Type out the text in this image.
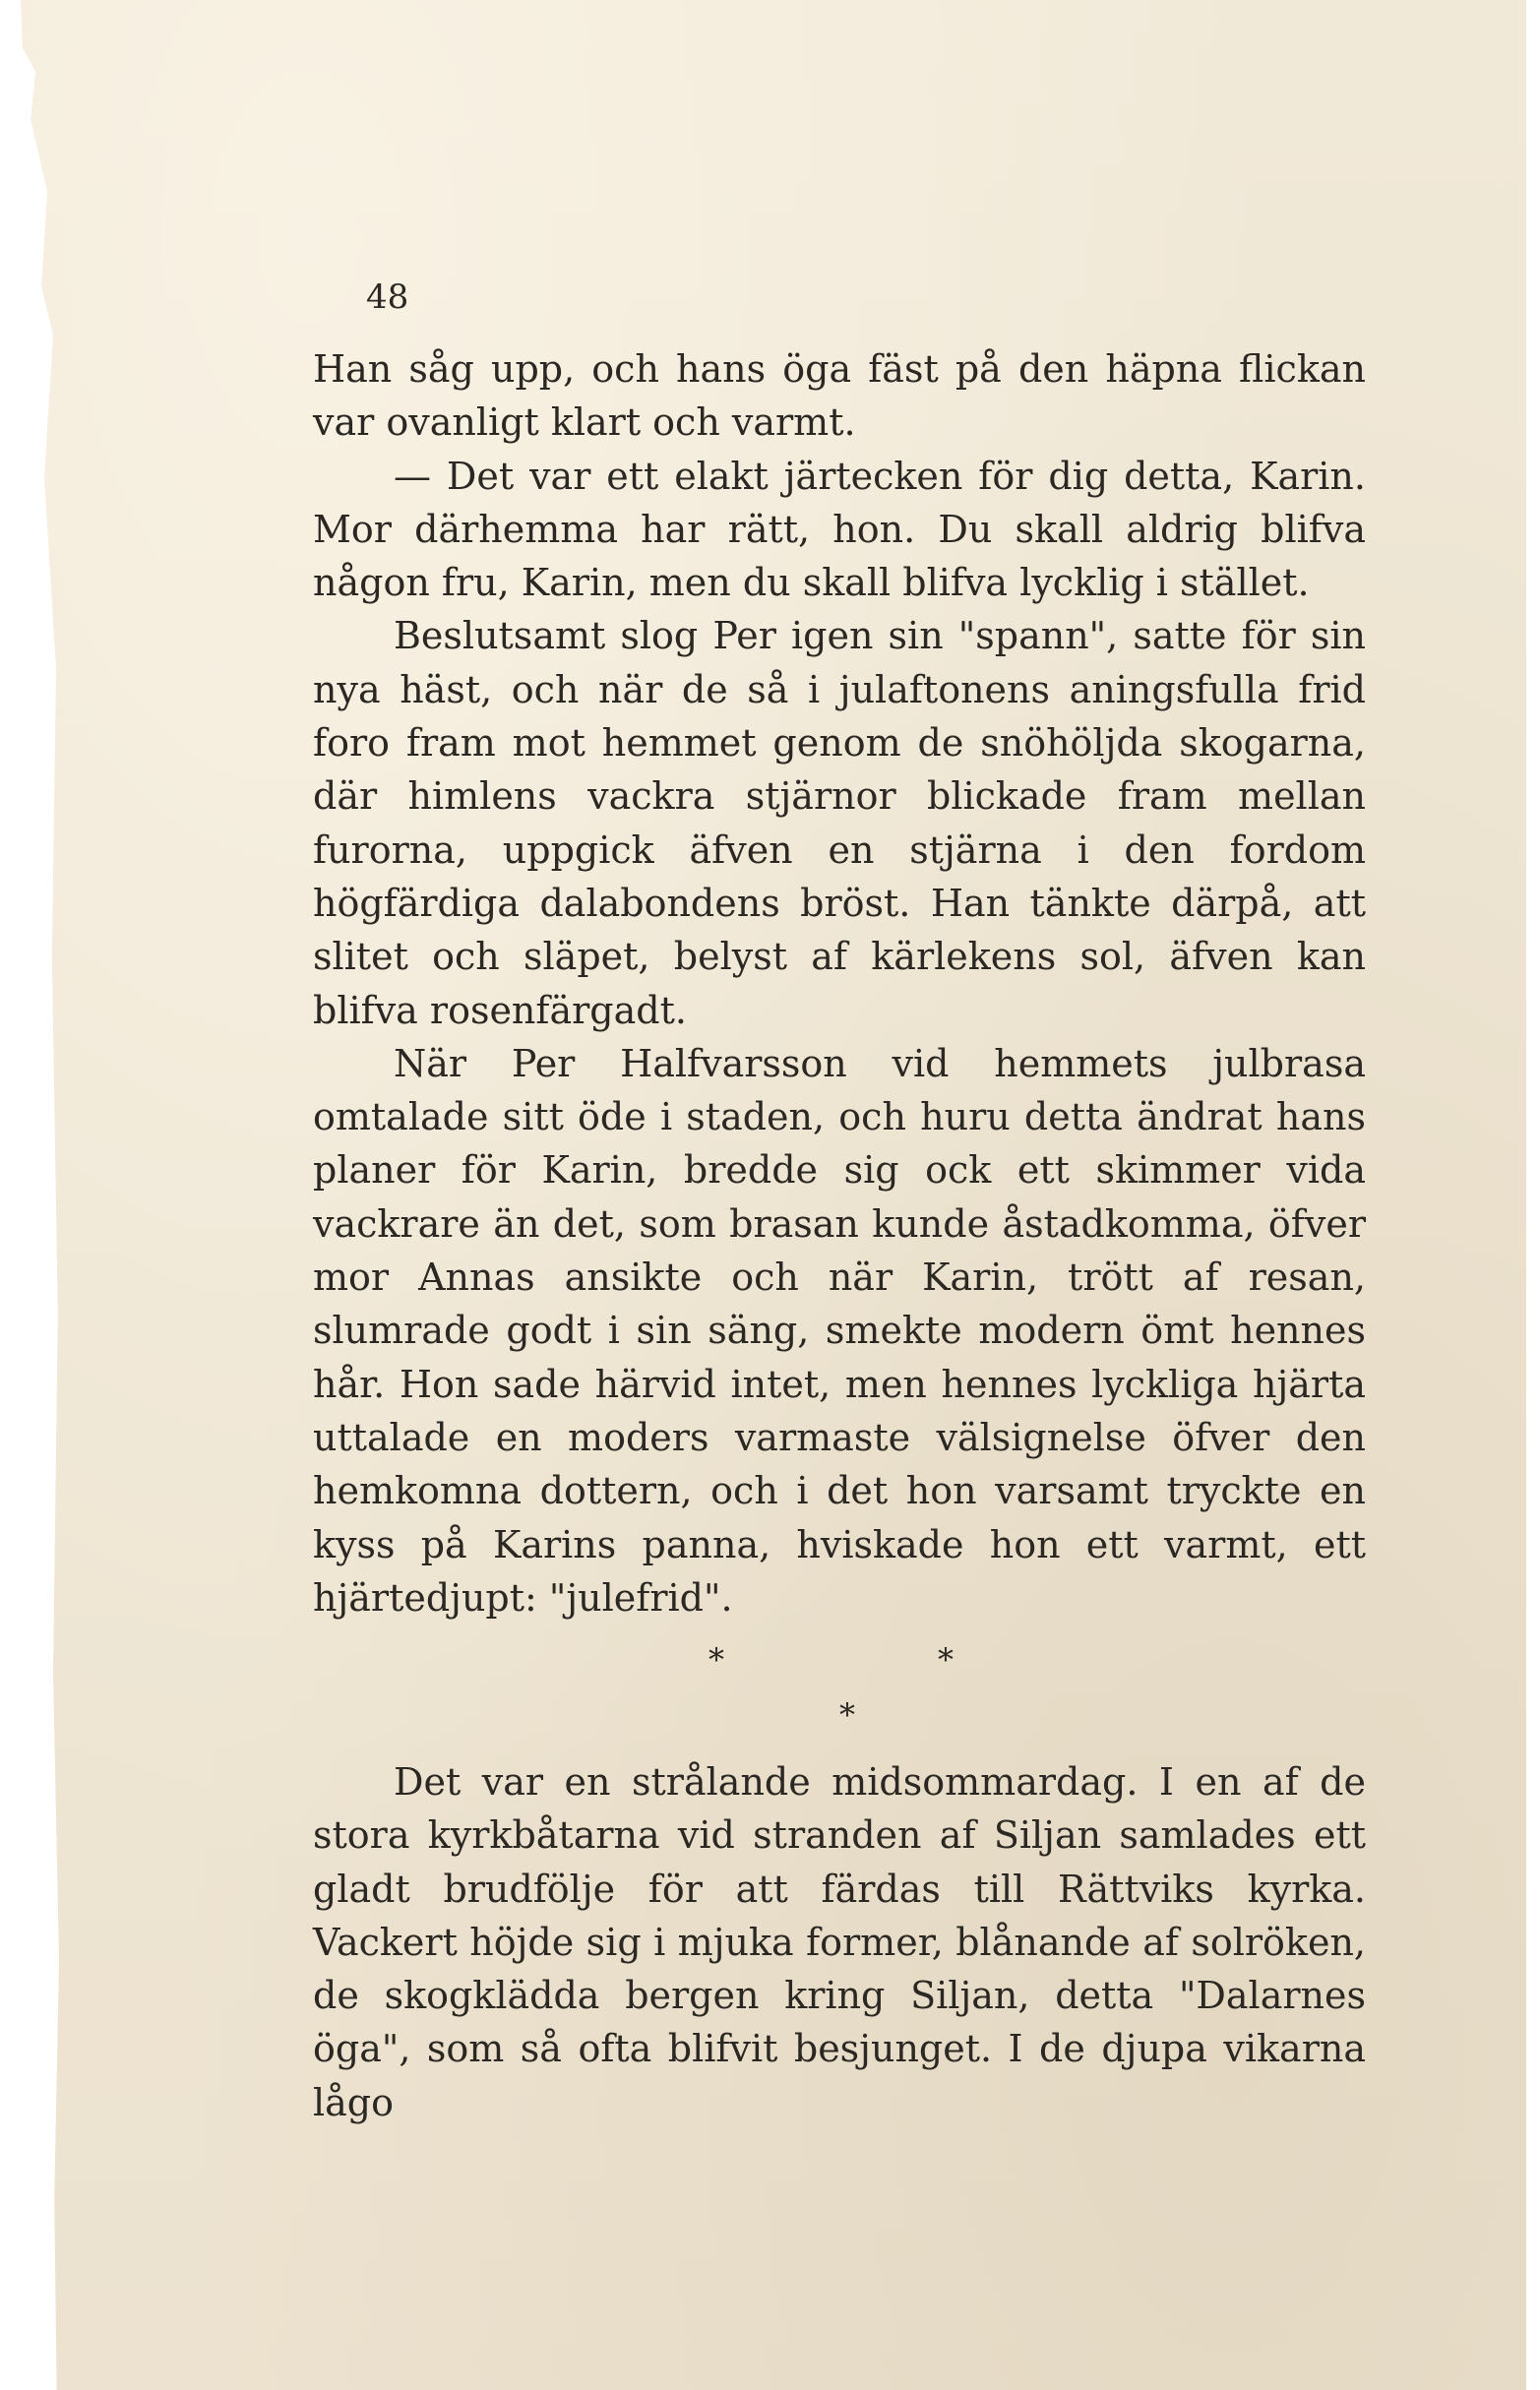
48

Han såg upp, och hans öga fäst på den häpna flickan var ovanligt klart och varmt.

— Det var ett elakt järtecken för dig detta, Karin. Mor därhemma har rätt, hon. Du skall aldrig blifva någon fru, Karin, men du skall blifva lycklig i stället.

Beslutsamt slog Per igen sin "spann", satte för sin nya häst, och när de så i julaftonens aningsfulla frid foro fram mot hemmet genom de snöhöljda skogarna, där himlens vackra stjärnor blickade fram mellan furorna, uppgick äfven en stjärna i den fordom högfärdiga dalabondens bröst. Han tänkte därpå, att slitet och släpet, belyst af kärlekens sol, äfven kan blifva rosenfärgadt.

När Per Halfvarsson vid hemmets julbrasa omtalade sitt öde i staden, och huru detta ändrat hans planer för Karin, bredde sig ock ett skimmer vida vackrare än det, som brasan kunde åstadkomma, öfver mor Annas ansikte och när Karin, trött af resan, slumrade godt i sin säng, smekte modern ömt hennes hår. Hon sade härvid intet, men hennes lyckliga hjärta uttalade en moders varmaste välsignelse öfver den hemkomna dottern, och i det hon varsamt tryckte en kyss på Karins panna, hviskade hon ett varmt, ett hjärtedjupt: "julefrid".

*	*
*

Det var en strålande midsommardag. I en af de stora kyrkbåtarna vid stranden af Siljan samlades ett gladt brudfölje för att färdas till Rättviks kyrka. Vackert höjde sig i mjuka former, blånande af solröken, de skogklädda bergen kring Siljan, detta "Dalarnes öga", som så ofta blifvit besjunget. I de djupa vikarna lågo
